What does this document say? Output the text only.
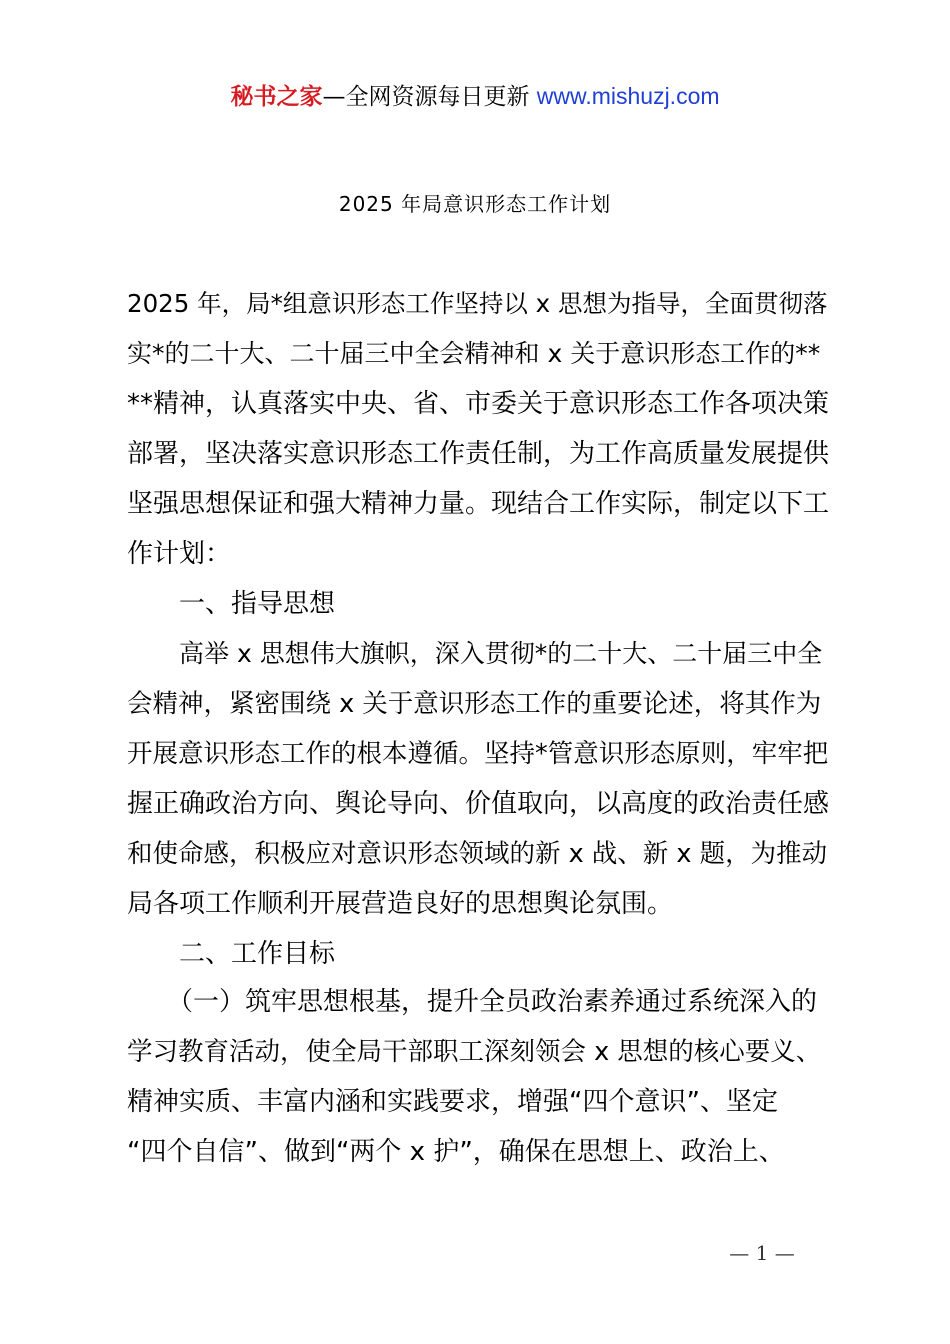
秘书之家—全网资源每日更新 www.mishuzj.com
2025 年局意识形态工作计划
2025 年，局*组意识形态工作坚持以 x 思想为指导，全面贯彻落
实*的二十大、二十届三中全会精神和 x 关于意识形态工作的**
**精神，认真落实中央、省、市委关于意识形态工作各项决策
部署，坚决落实意识形态工作责任制，为工作高质量发展提供
坚强思想保证和强大精神力量。现结合工作实际，制定以下工
作计划：
一、指导思想
高举 x 思想伟大旗帜，深入贯彻*的二十大、二十届三中全
会精神，紧密围绕 x 关于意识形态工作的重要论述，将其作为
开展意识形态工作的根本遵循。坚持*管意识形态原则，牢牢把
握正确政治方向、舆论导向、价值取向，以高度的政治责任感
和使命感，积极应对意识形态领域的新 x 战、新 x 题，为推动
局各项工作顺利开展营造良好的思想舆论氛围。
二、工作目标
（一）筑牢思想根基，提升全员政治素养通过系统深入的
学习教育活动，使全局干部职工深刻领会 x 思想的核心要义、
精神实质、丰富内涵和实践要求，增强“四个意识”、坚定
“四个自信”、做到“两个 x 护”，确保在思想上、政治上、
— 1 —
